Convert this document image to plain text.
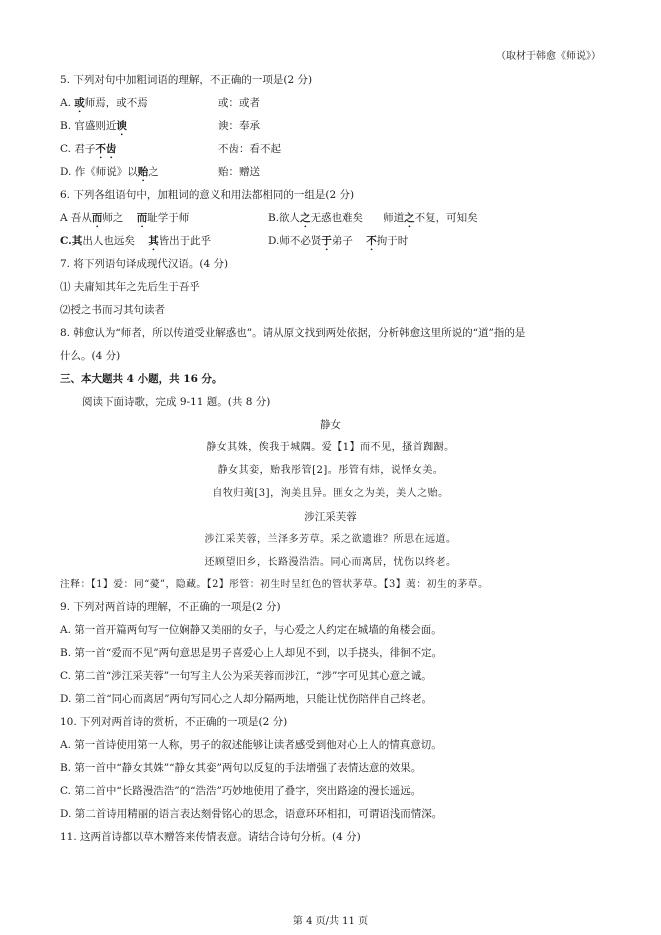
（取材于韩愈《师说》）
5. 下列对句中加粗词语的理解，不正确的一项是(2 分)
A. 或师焉，或不焉	或：或者
B. 官盛则近谀	谀：奉承
C. 君子不齿	不齿：看不起
D. 作《师说》以贻之	贻：赠送
6. 下列各组语句中，加粗词的意义和用法都相同的一组是(2 分)
A 吾从而师之 而耻学于师	B.欲人之无惑也难矣 师道之不复，可知矣
C.其出人也远矣 其皆出于此乎	D.师不必贤于弟子 不拘于时
7. 将下列语句译成现代汉语。(4 分)
⑴ 夫庸知其年之先后生于吾乎
⑵授之书而习其句读者
8. 韩愈认为“师者，所以传道受业解惑也”。请从原文找到两处依据，分析韩愈这里所说的“道”指的是
什么。(4 分)
三、本大题共 4 小题，共 16 分。
阅读下面诗歌，完成 9-11 题。(共 8 分)
静女
静女其姝，俟我于城隅。爱【1】而不见，搔首踟蹰。
静女其娈，贻我彤管[2]。彤管有炜，说怿女美。
自牧归荑[3]，洵美且异。匪女之为美，美人之贻。
涉江采芙蓉
涉江采芙蓉，兰泽多芳草。采之欲遗谁？所思在远道。
还顾望旧乡，长路漫浩浩。同心而离居，忧伤以终老。
注释：【1】爱：同“薆”，隐藏。【2】彤管：初生时呈红色的管状茅草。【3】荑：初生的茅草。
9. 下列对两首诗的理解，不正确的一项是(2 分)
A. 第一首开篇两句写一位娴静又美丽的女子，与心爱之人约定在城墙的角楼会面。
B. 第一首“爱而不见”两句意思是男子喜爱心上人却见不到，以手挠头，徘徊不定。
C. 第二首“涉江采芙蓉”一句写主人公为采芙蓉而涉江，“涉”字可见其心意之诚。
D. 第二首“同心而离居”两句写同心之人却分隔两地，只能让忧伤陪伴自己终老。
10. 下列对两首诗的赏析，不正确的一项是(2 分)
A. 第一首诗使用第一人称，男子的叙述能够让读者感受到他对心上人的情真意切。
B. 第一首中“静女其姝”“静女其娈”两句以反复的手法增强了表情达意的效果。
C. 第二首中“长路漫浩浩”的“浩浩”巧妙地使用了叠字，突出路途的漫长遥远。
D. 第二首诗用精丽的语言表达刻骨铭心的思念，语意环环相扣，可谓语浅而情深。
11. 这两首诗都以草木赠答来传情表意。请结合诗句分析。(4 分)
第 4 页/共 11 页
